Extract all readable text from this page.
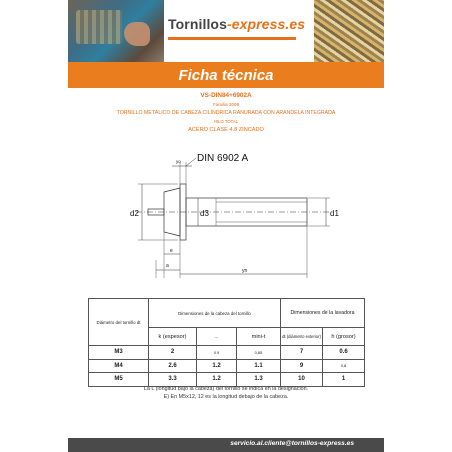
Tornillos-express.es
Ficha técnica
VS-DIN84+6902A
Familia 3099
TORNILLO METÁLICO DE CABEZA CILÍNDRICA RANURADA CON ARANDELA INTEGRADA
HILO TOTAL
ACERO CLASE 4.8 ZINCADO
DIN 6902 A
yo
d2	d3	d1
e
a
yn
Diámetro del tornillo dt	Dimensiones de la cabeza del tornillo			Dimensiones de la lavadora	
	k (espesor)	---	mini-t	dt (diámetro exterior)	h (grosor)
M3	2	0.9	0,85	7	0.6
M4	2.6	1.2	1.1	9	0,8
M5	3.3	1.2	1.3	10	1
La L (longitud bajo la cabeza) del tornillo se indica en la designación.
E) En M5x12, 12 es la longitud debajo de la cabeza.
servicio.al.cliente@tornillos-express.es
